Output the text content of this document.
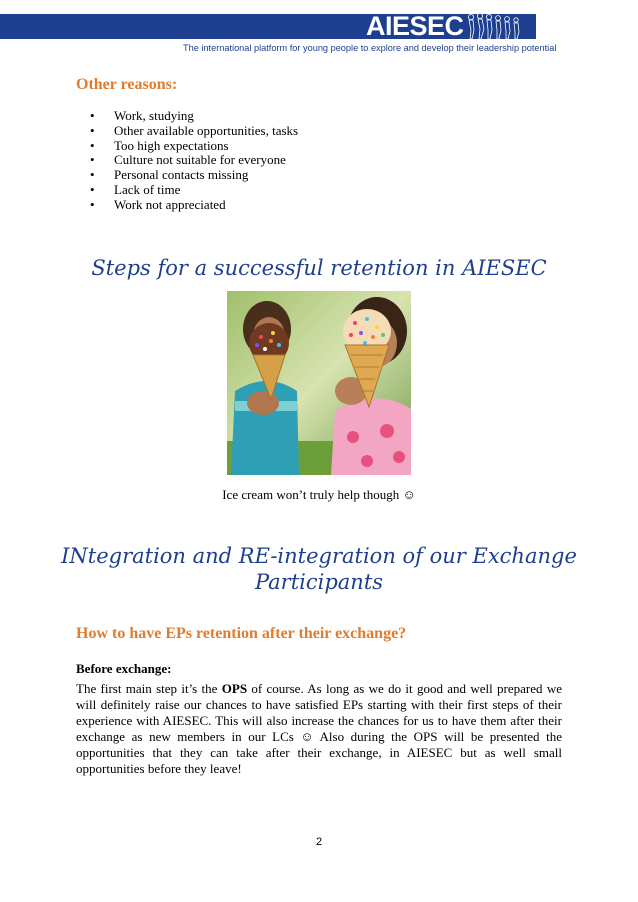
AIESEC
The international platform for young people to explore and develop their leadership potential
Other reasons:
• Work, studying
• Other available opportunities, tasks
• Too high expectations
• Culture not suitable for everyone
• Personal contacts missing
• Lack of time
• Work not appreciated
Steps for a successful retention in AIESEC
Ice cream won’t truly help though ☺
INtegration and RE-integration of our Exchange
Participants
How to have EPs retention after their exchange?
Before exchange:
The first main step it’s the OPS of course. As long as we do it good and well prepared we will definitely raise our chances to have satisfied EPs starting with their first steps of their experience with AIESEC. This will also increase the chances for us to have them after their exchange as new members in our LCs ☺ Also during the OPS will be presented the opportunities that they can take after their exchange, in AIESEC but as well small opportunities before they leave!
2
